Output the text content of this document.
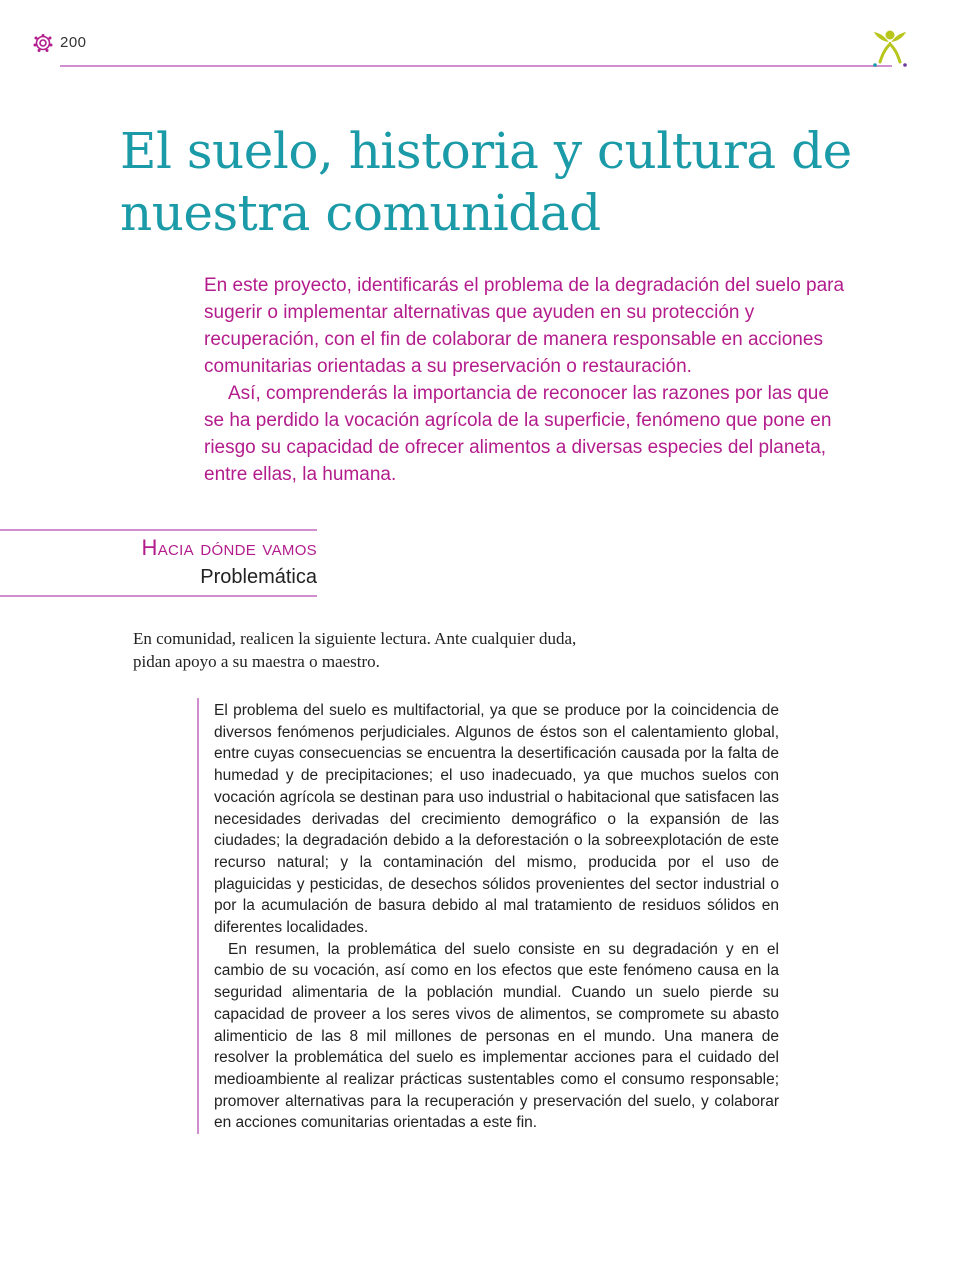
200
El suelo, historia y cultura de
nuestra comunidad

En este proyecto, identificarás el problema de la degradación del suelo para sugerir o implementar alternativas que ayuden en su protección y recuperación, con el fin de colaborar de manera responsable en acciones comunitarias orientadas a su preservación o restauración.

Así, comprenderás la importancia de reconocer las razones por las que se ha perdido la vocación agrícola de la superficie, fenómeno que pone en riesgo su capacidad de ofrecer alimentos a diversas especies del planeta, entre ellas, la humana.

Hacia dónde vamos
Problemática
En comunidad, realicen la siguiente lectura. Ante cualquier duda, pidan apoyo a su maestra o maestro.

El problema del suelo es multifactorial, ya que se produce por la coincidencia de diversos fenómenos perjudiciales. Algunos de éstos son el calentamiento global, entre cuyas consecuencias se encuentra la desertificación causada por la falta de humedad y de precipitaciones; el uso inadecuado, ya que muchos suelos con vocación agrícola se destinan para uso industrial o habitacional que satisfacen las necesidades derivadas del crecimiento demográfico o la expansión de las ciudades; la degradación debido a la deforestación o la sobreexplotación de este recurso natural; y la contaminación del mismo, producida por el uso de plaguicidas y pesticidas, de desechos sólidos provenientes del sector industrial o por la acumulación de basura debido al mal tratamiento de residuos sólidos en diferentes localidades.

En resumen, la problemática del suelo consiste en su degradación y en el cambio de su vocación, así como en los efectos que este fenómeno causa en la seguridad alimentaria de la población mundial. Cuando un suelo pierde su capacidad de proveer a los seres vivos de alimentos, se compromete su abasto alimenticio de las 8 mil millones de personas en el mundo. Una manera de resolver la problemática del suelo es implementar acciones para el cuidado del medioambiente al realizar prácticas sustentables como el consumo responsable; promover alternativas para la recuperación y preservación del suelo, y colaborar en acciones comunitarias orientadas a este fin.
